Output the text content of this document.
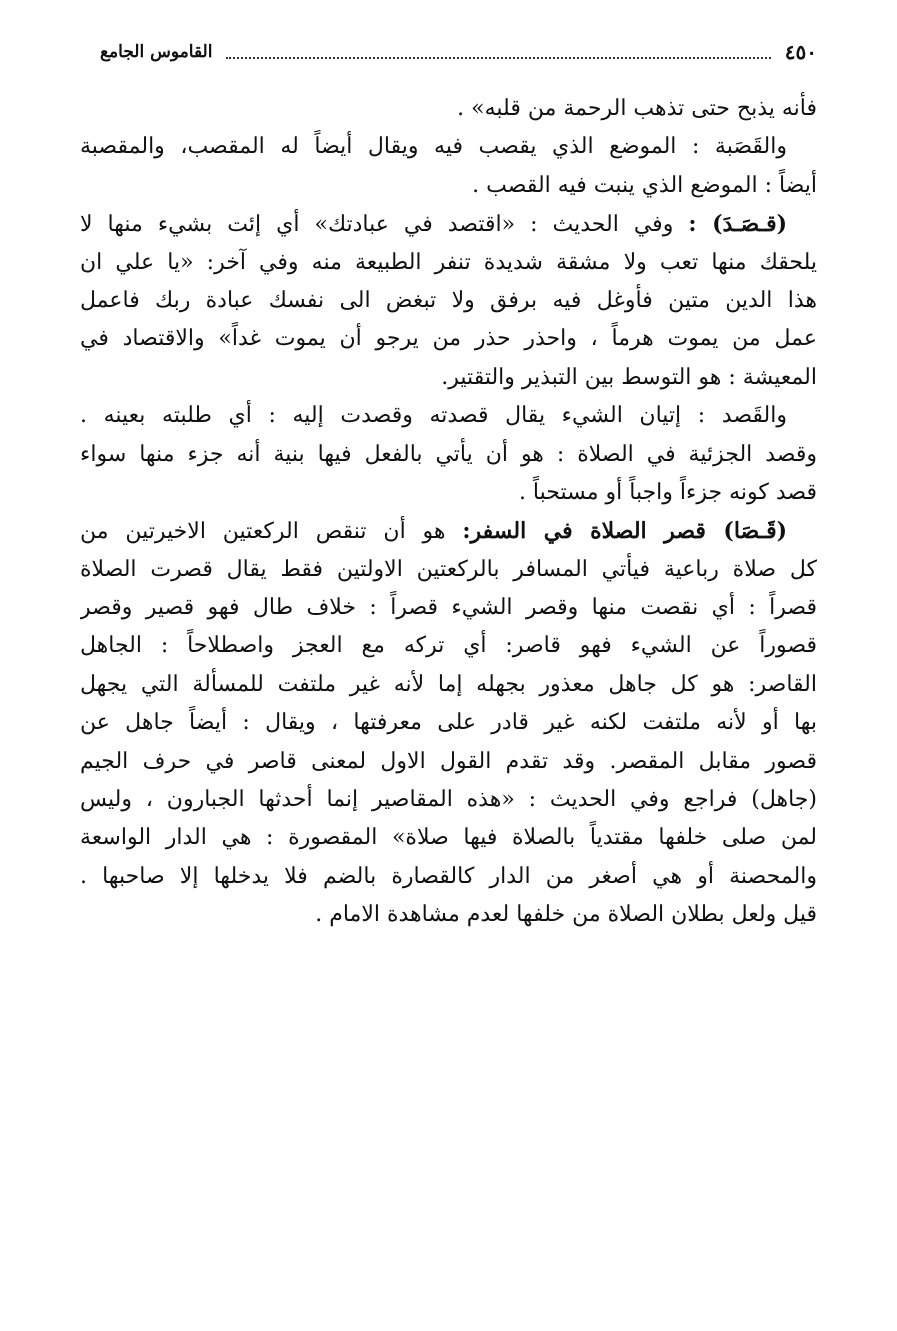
٤٥٠
القاموس الجامع
فأنه يذبح حتى تذهب الرحمة من قلبه» .
والقَصَبة : الموضع الذي يقصب فيه ويقال أيضاً له المقصب، والمقصبة
أيضاً : الموضع الذي ينبت فيه القصب .
(قـصَـدَ) : وفي الحديث : «اقتصد في عبادتك» أي إئت بشيء منها لا
يلحقك منها تعب ولا مشقة شديدة تنفر الطبيعة منه وفي آخر: «يا علي ان
هذا الدين متين فأوغل فيه برفق ولا تبغض الى نفسك عبادة ربك فاعمل
عمل من يموت هرماً ، واحذر حذر من يرجو أن يموت غداً» والاقتصاد في
المعيشة : هو التوسط بين التبذير والتقتير.
والقَصد : إتيان الشيء يقال قصدته وقصدت إليه : أي طلبته بعينه .
وقصد الجزئية في الصلاة : هو أن يأتي بالفعل فيها بنية أنه جزء منها سواء
قصد كونه جزءاً واجباً أو مستحباً .
(قَـصَا) قصر الصلاة في السفر: هو أن تنقص الركعتين الاخيرتين من
كل صلاة رباعية فيأتي المسافر بالركعتين الاولتين فقط يقال قصرت الصلاة
قصراً : أي نقصت منها وقصر الشيء قصراً : خلاف طال فهو قصير وقصر
قصوراً عن الشيء فهو قاصر: أي تركه مع العجز واصطلاحاً : الجاهل
القاصر: هو كل جاهل معذور بجهله إما لأنه غير ملتفت للمسألة التي يجهل
بها أو لأنه ملتفت لكنه غير قادر على معرفتها ، ويقال : أيضاً جاهل عن
قصور مقابل المقصر. وقد تقدم القول الاول لمعنى قاصر في حرف الجيم
(جاهل) فراجع وفي الحديث : «هذه المقاصير إنما أحدثها الجبارون ، وليس
لمن صلى خلفها مقتدياً بالصلاة فيها صلاة» المقصورة : هي الدار الواسعة
والمحصنة أو هي أصغر من الدار كالقصارة بالضم فلا يدخلها إلا صاحبها .
قيل ولعل بطلان الصلاة من خلفها لعدم مشاهدة الامام .
